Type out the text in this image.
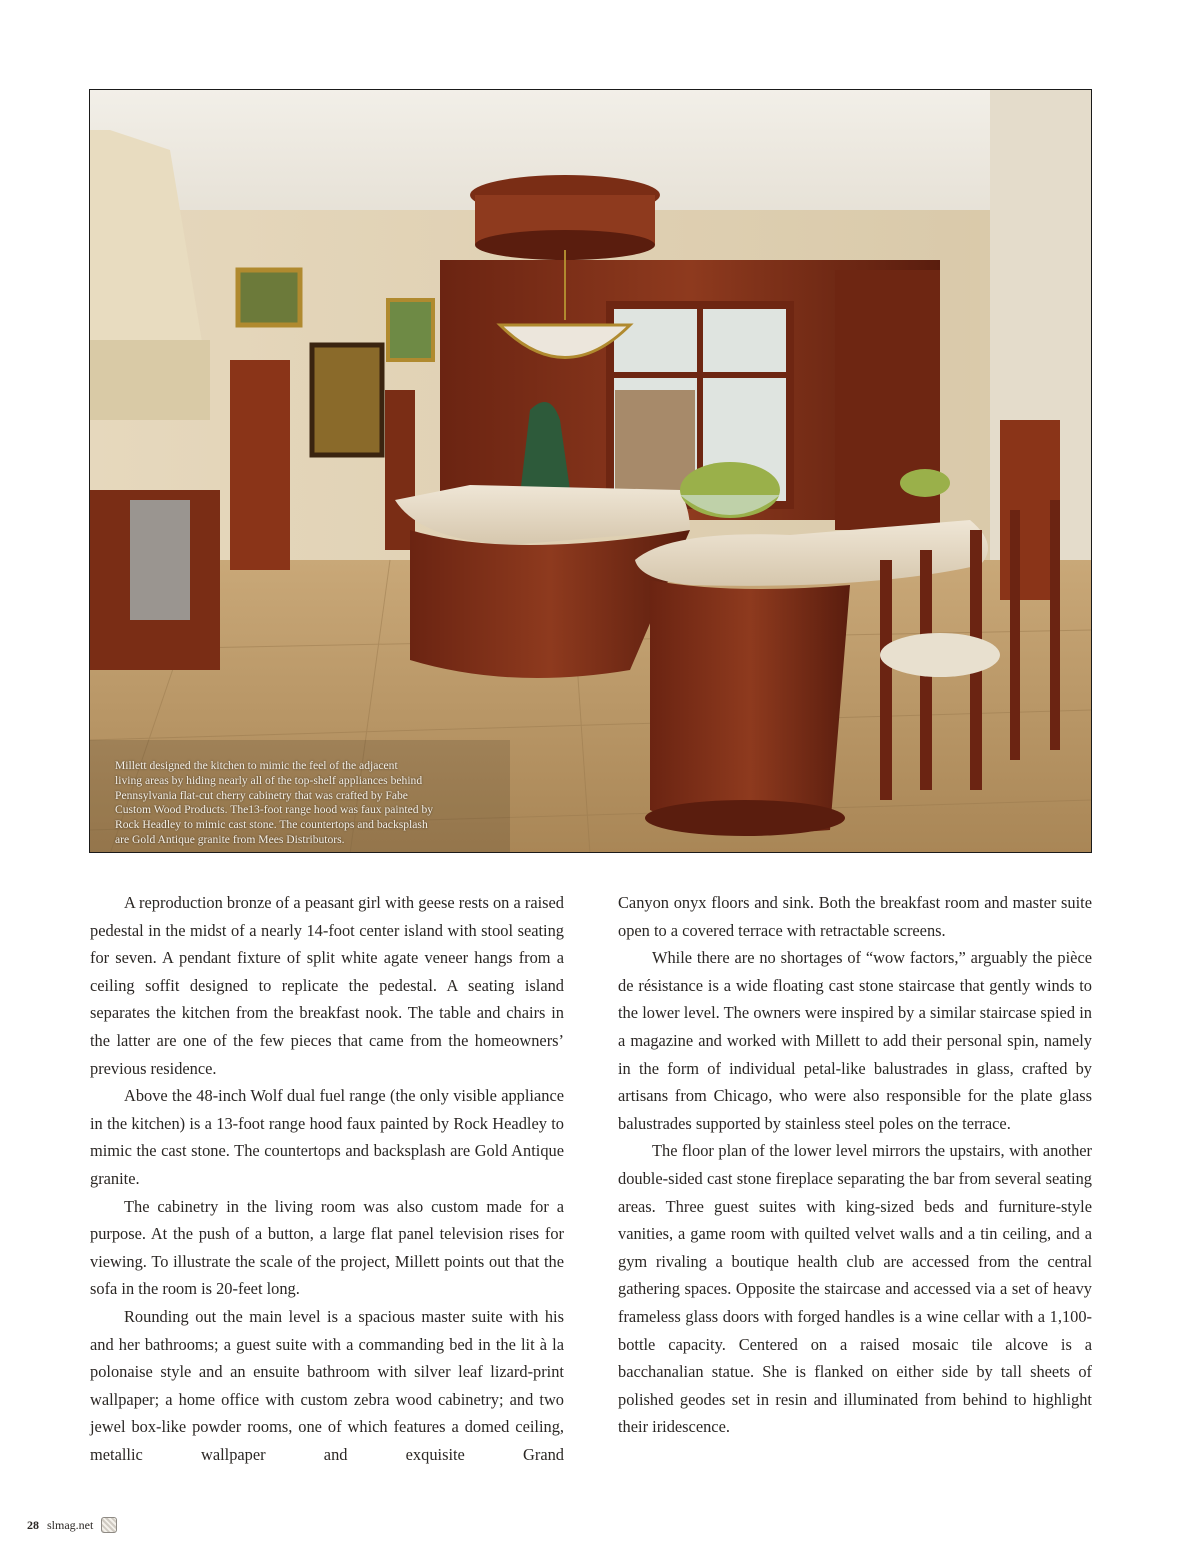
Millett designed the kitchen to mimic the feel of the adjacent
living areas by hiding nearly all of the top-shelf appliances behind
Pennsylvania flat-cut cherry cabinetry that was crafted by Fabe
Custom Wood Products. The13-foot range hood was faux painted by
Rock Headley to mimic cast stone. The countertops and backsplash
are Gold Antique granite from Mees Distributors.

A reproduction bronze of a peasant girl with geese rests on a raised pedestal in the midst of a nearly 14-foot center island with stool seating for seven. A pendant fixture of split white agate veneer hangs from a ceiling soffit designed to replicate the pedestal. A seating island separates the kitchen from the breakfast nook. The table and chairs in the latter are one of the few pieces that came from the homeowners’ previous residence.

Above the 48-inch Wolf dual fuel range (the only visible appliance in the kitchen) is a 13-foot range hood faux painted by Rock Headley to mimic the cast stone. The countertops and backsplash are Gold Antique granite.

The cabinetry in the living room was also custom made for a purpose. At the push of a button, a large flat panel television rises for viewing. To illustrate the scale of the project, Millett points out that the sofa in the room is 20-feet long.

Rounding out the main level is a spacious master suite with his and her bathrooms; a guest suite with a commanding bed in the lit à la polonaise style and an ensuite bathroom with silver leaf lizard-print wallpaper; a home office with custom zebra wood cabinetry; and two jewel box-like powder rooms, one of which features a domed ceiling, metallic wallpaper and exquisite Grand

Canyon onyx floors and sink. Both the breakfast room and master suite open to a covered terrace with retractable screens.

While there are no shortages of “wow factors,” arguably the pièce de résistance is a wide floating cast stone staircase that gently winds to the lower level. The owners were inspired by a similar staircase spied in a magazine and worked with Millett to add their personal spin, namely in the form of individual petal-like balustrades in glass, crafted by artisans from Chicago, who were also responsible for the plate glass balustrades supported by stainless steel poles on the terrace.

The floor plan of the lower level mirrors the upstairs, with another double-sided cast stone fireplace separating the bar from several seating areas. Three guest suites with king-sized beds and furniture-style vanities, a game room with quilted velvet walls and a tin ceiling, and a gym rivaling a boutique health club are accessed from the central gathering spaces. Opposite the staircase and accessed via a set of heavy frameless glass doors with forged handles is a wine cellar with a 1,100-bottle capacity. Centered on a raised mosaic tile alcove is a bacchanalian statue. She is flanked on either side by tall sheets of polished geodes set in resin and illuminated from behind to highlight their iridescence.

28 slmag.net
